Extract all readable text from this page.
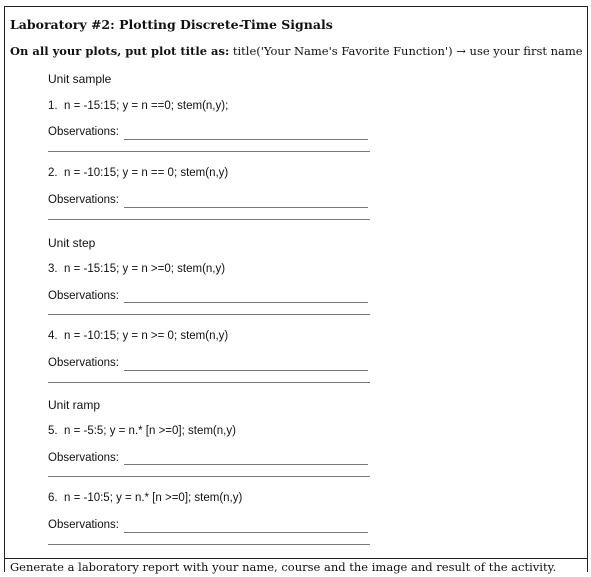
Laboratory #2: Plotting Discrete-Time Signals
On all your plots, put plot title as: title('Your Name's Favorite Function') → use your first name
Unit sample
1. n = -15:15; y = n ==0; stem(n,y);
Observations:
2. n = -10:15; y = n == 0; stem(n,y)
Observations:
Unit step
3. n = -15:15; y = n >=0; stem(n,y)
Observations:
4. n = -10:15; y = n >= 0; stem(n,y)
Observations:
Unit ramp
5. n = -5:5; y = n.* [n >=0]; stem(n,y)
Observations:
6. n = -10:5; y = n.* [n >=0]; stem(n,y)
Observations:
Generate a laboratory report with your name, course and the image and result of the activity.
